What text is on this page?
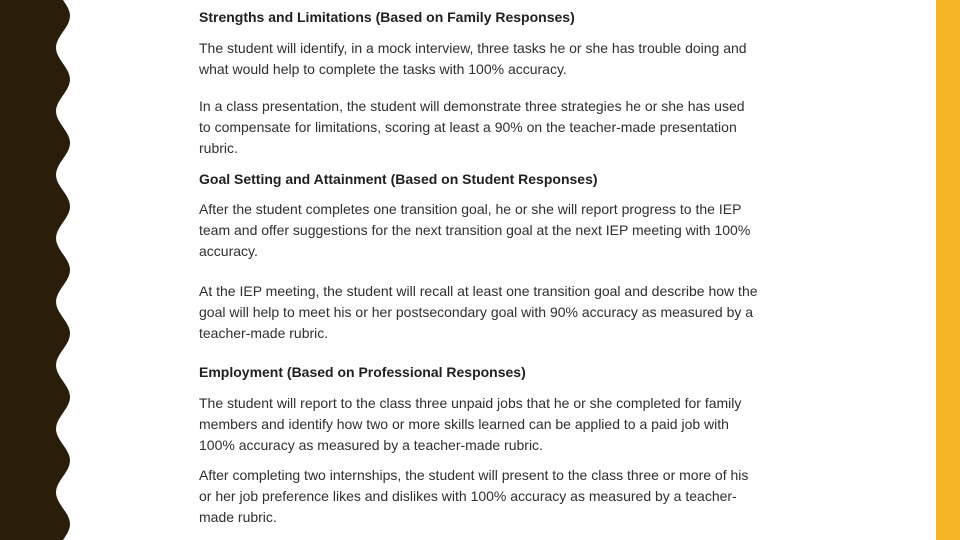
Strengths and Limitations (Based on Family Responses)

The student will identify, in a mock interview, three tasks he or she has trouble doing and what would help to complete the tasks with 100% accuracy.

In a class presentation, the student will demonstrate three strategies he or she has used to compensate for limitations, scoring at least a 90% on the teacher-made presentation rubric.

Goal Setting and Attainment (Based on Student Responses)

After the student completes one transition goal, he or she will report progress to the IEP team and offer suggestions for the next transition goal at the next IEP meeting with 100% accuracy.

At the IEP meeting, the student will recall at least one transition goal and describe how the goal will help to meet his or her postsecondary goal with 90% accuracy as measured by a teacher-made rubric.

Employment (Based on Professional Responses)

The student will report to the class three unpaid jobs that he or she completed for family members and identify how two or more skills learned can be applied to a paid job with 100% accuracy as measured by a teacher-made rubric.

After completing two internships, the student will present to the class three or more of his or her job preference likes and dislikes with 100% accuracy as measured by a teacher-made rubric.
